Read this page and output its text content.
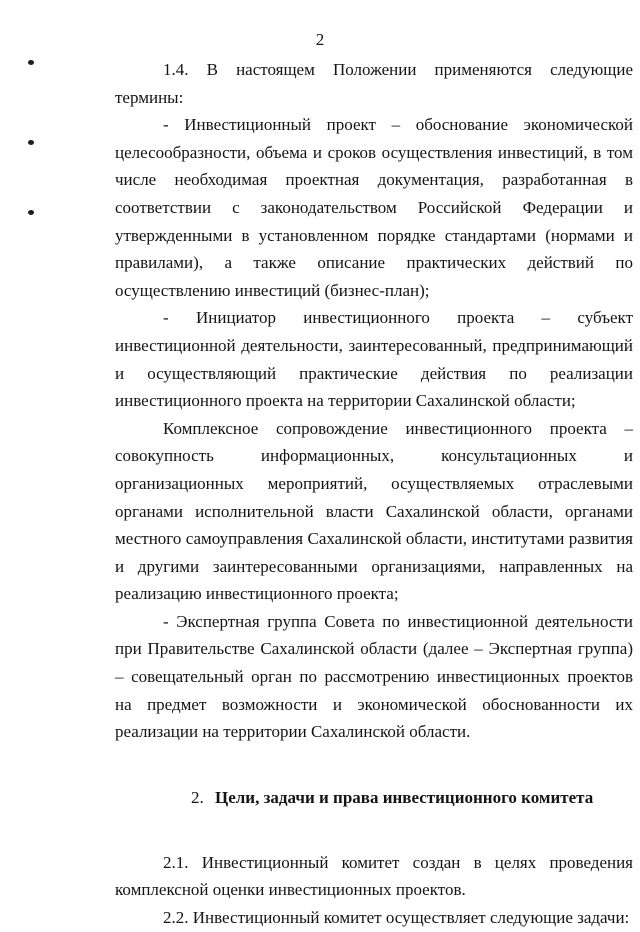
2

1.4. В настоящем Положении применяются следующие термины:

- Инвестиционный проект – обоснование экономической целесообразности, объема и сроков осуществления инвестиций, в том числе необходимая проектная документация, разработанная в соответствии с законодательством Российской Федерации и утвержденными в установленном порядке стандартами (нормами и правилами), а также описание практических действий по осуществлению инвестиций (бизнес-план);

- Инициатор инвестиционного проекта – субъект инвестиционной деятельности, заинтересованный, предпринимающий и осуществляющий практические действия по реализации инвестиционного проекта на территории Сахалинской области;

Комплексное сопровождение инвестиционного проекта – совокупность информационных, консультационных и организационных мероприятий, осуществляемых отраслевыми органами исполнительной власти Сахалинской области, органами местного самоуправления Сахалинской области, институтами развития и другими заинтересованными организациями, направленных на реализацию инвестиционного проекта;

- Экспертная группа Совета по инвестиционной деятельности при Правительстве Сахалинской области (далее – Экспертная группа) – совещательный орган по рассмотрению инвестиционных проектов на предмет возможности и экономической обоснованности их реализации на территории Сахалинской области.

2. Цели, задачи и права инвестиционного комитета

2.1. Инвестиционный комитет создан в целях проведения комплексной оценки инвестиционных проектов.

2.2. Инвестиционный комитет осуществляет следующие задачи:
